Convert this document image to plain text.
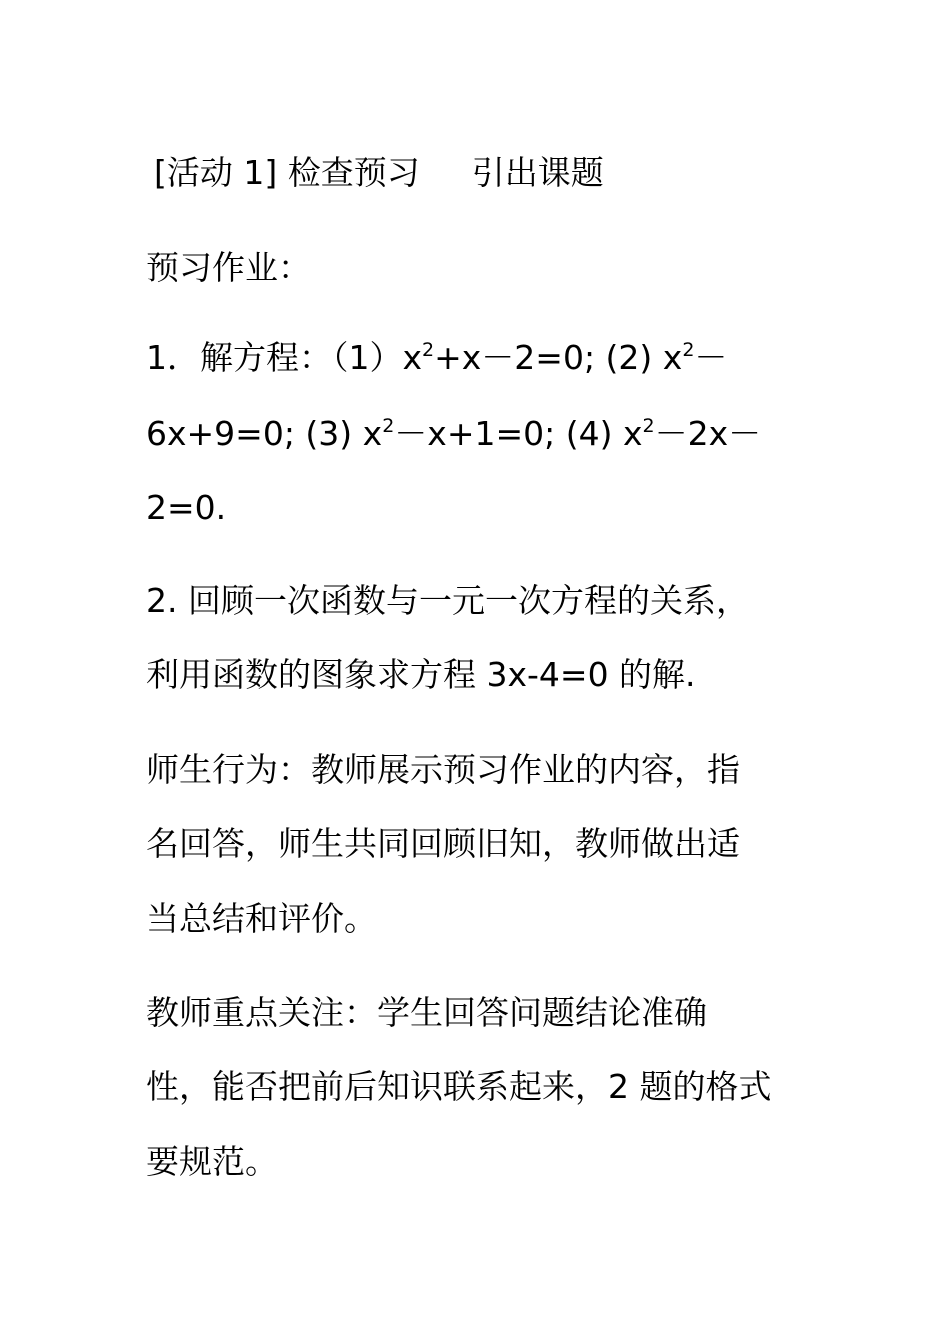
[活动 1] 检查预习 引出课题
预习作业：
1．解方程：$(1)x^2+x-2=0$; (2) $x^2-$
6x+9=0; (3) $x^2-x+1=0$; (4) $x^2-2x-$
2=0.
2. 回顾一次函数与一元一次方程的关系，
利用函数的图象求方程 3x-4=0 的解.
师生行为：教师展示预习作业的内容，指
名回答，师生共同回顾旧知，教师做出适
当总结和评价。
教师重点关注：学生回答问题结论准确
性，能否把前后知识联系起来，2 题的格式
要规范。
